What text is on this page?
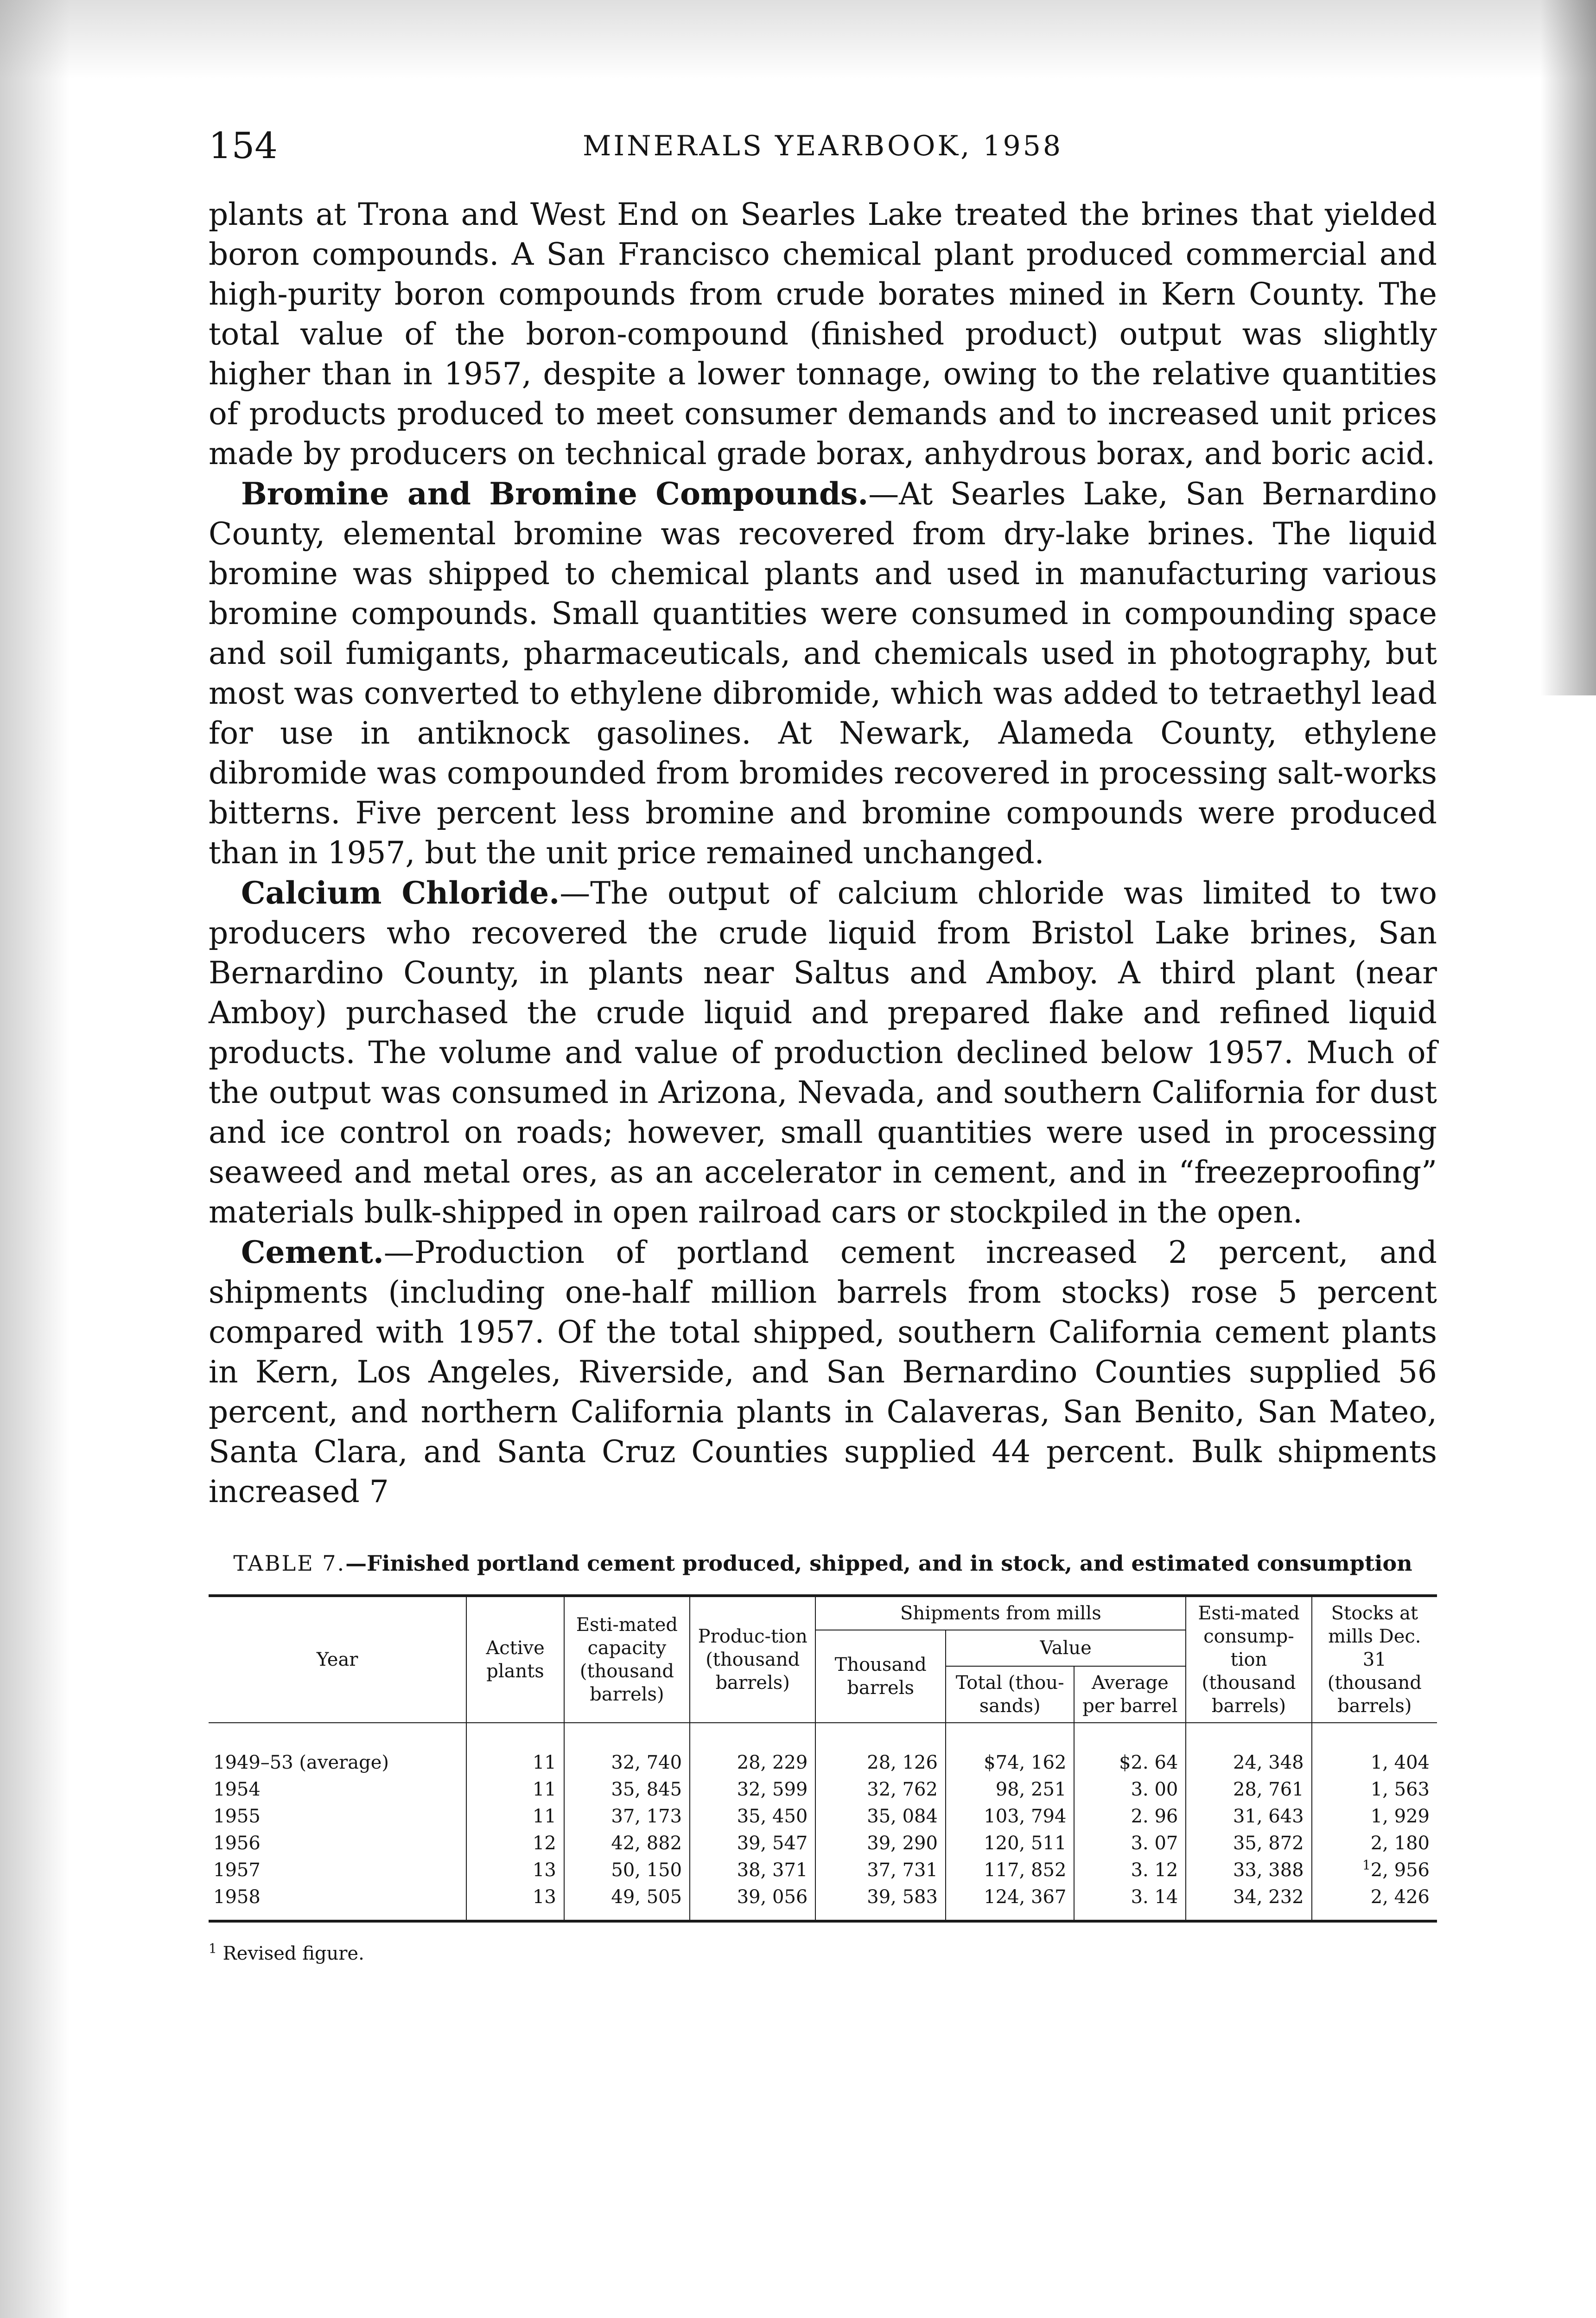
154	MINERALS YEARBOOK, 1958

plants at Trona and West End on Searles Lake treated the brines that yielded boron compounds. A San Francisco chemical plant produced commercial and high-purity boron compounds from crude borates mined in Kern County. The total value of the boron-compound (finished product) output was slightly higher than in 1957, despite a lower tonnage, owing to the relative quantities of products produced to meet consumer demands and to increased unit prices made by producers on technical grade borax, anhydrous borax, and boric acid.

Bromine and Bromine Compounds.—At Searles Lake, San Bernardino County, elemental bromine was recovered from dry-lake brines. The liquid bromine was shipped to chemical plants and used in manufacturing various bromine compounds. Small quantities were consumed in compounding space and soil fumigants, pharmaceuticals, and chemicals used in photography, but most was converted to ethylene dibromide, which was added to tetraethyl lead for use in antiknock gasolines. At Newark, Alameda County, ethylene dibromide was compounded from bromides recovered in processing salt-works bitterns. Five percent less bromine and bromine compounds were produced than in 1957, but the unit price remained unchanged.

Calcium Chloride.—The output of calcium chloride was limited to two producers who recovered the crude liquid from Bristol Lake brines, San Bernardino County, in plants near Saltus and Amboy. A third plant (near Amboy) purchased the crude liquid and prepared flake and refined liquid products. The volume and value of production declined below 1957. Much of the output was consumed in Arizona, Nevada, and southern California for dust and ice control on roads; however, small quantities were used in processing seaweed and metal ores, as an accelerator in cement, and in “freezeproofing” materials bulk-shipped in open railroad cars or stockpiled in the open.

Cement.—Production of portland cement increased 2 percent, and shipments (including one-half million barrels from stocks) rose 5 percent compared with 1957. Of the total shipped, southern California cement plants in Kern, Los Angeles, Riverside, and San Bernardino Counties supplied 56 percent, and northern California plants in Calaveras, San Benito, San Mateo, Santa Clara, and Santa Cruz Counties supplied 44 percent. Bulk shipments increased 7

TABLE 7.—Finished portland cement produced, shipped, and in stock, and estimated consumption
Year	Active plants	Esti-mated capacity (thousand barrels)	Produc-tion (thousand barrels)	Shipments from mills			Esti-mated consump-tion (thousand barrels)	Stocks at mills Dec. 31 (thousand barrels)
				Thousand barrels	Value			
					Total (thou-sands)	Average per barrel		
1949–53 (average)	11	32, 740	28, 229	28, 126	$74, 162	$2. 64	24, 348	1, 404
1954	11	35, 845	32, 599	32, 762	98, 251	3. 00	28, 761	1, 563
1955	11	37, 173	35, 450	35, 084	103, 794	2. 96	31, 643	1, 929
1956	12	42, 882	39, 547	39, 290	120, 511	3. 07	35, 872	2, 180
1957	13	50, 150	38, 371	37, 731	117, 852	3. 12	33, 388	$^1$2, 956
1958	13	49, 505	39, 056	39, 583	124, 367	3. 14	34, 232	2, 426
$^1$ Revised figure.
